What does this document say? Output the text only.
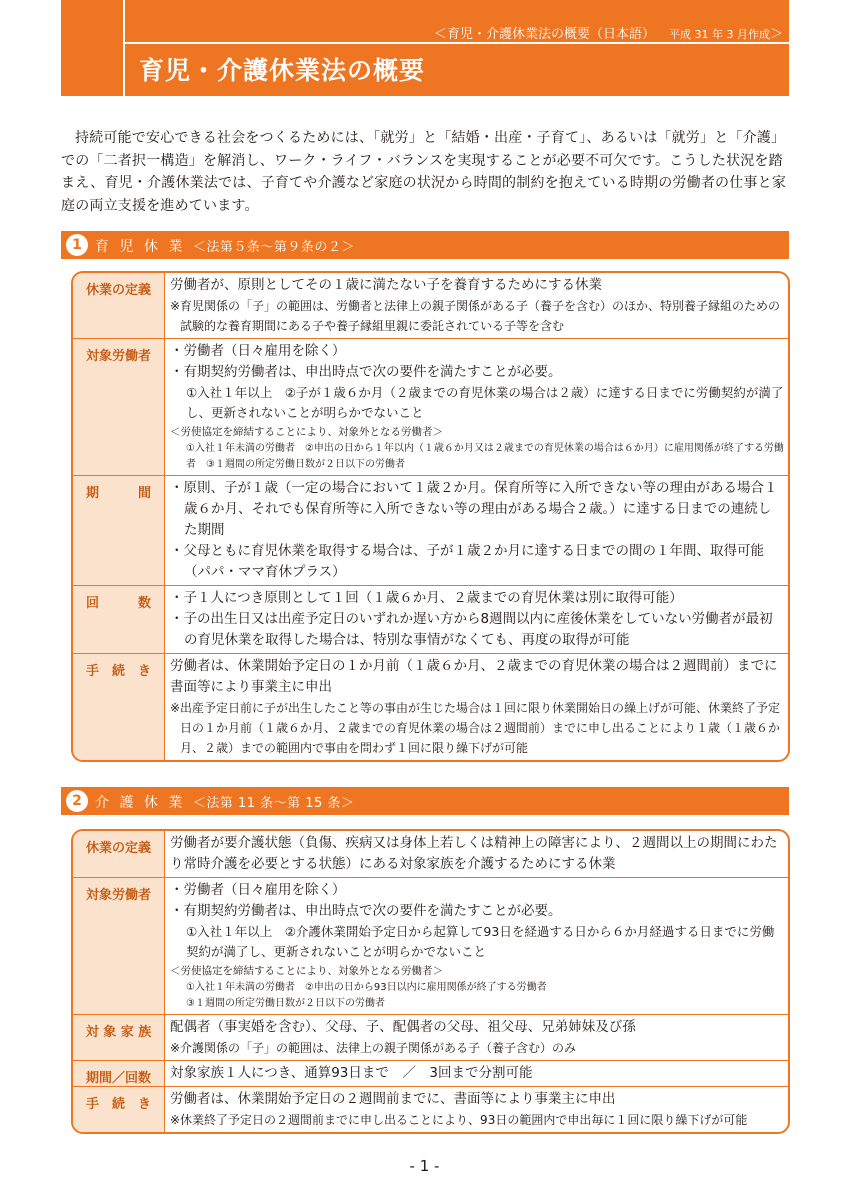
＜育児・介護休業法の概要（日本語） 平成 31 年 3 月作成＞
育児・介護休業法の概要
持続可能で安心できる社会をつくるためには、「就労」と「結婚・出産・子育て」、あるいは「就労」と「介護」での「二者択一構造」を解消し、ワーク・ライフ・バランスを実現することが必要不可欠です。こうした状況を踏まえ、育児・介護休業法では、子育てや介護など家庭の状況から時間的制約を抱えている時期の労働者の仕事と家庭の両立支援を進めています。
1 育 児 休 業 ＜法第５条〜第９条の２＞
休業の定義	労働者が、原則としてその１歳に満たない子を養育するためにする休業
※育児関係の「子」の範囲は、労働者と法律上の親子関係がある子（養子を含む）のほか、特別養子縁組のための試験的な養育期間にある子や養子縁組里親に委託されている子等を含む
対象労働者	・労働者（日々雇用を除く）
・有期契約労働者は、申出時点で次の要件を満たすことが必要。
①入社１年以上　②子が１歳６か月（２歳までの育児休業の場合は２歳）に達する日までに労働契約が満了し、更新されないことが明らかでないこと
＜労使協定を締結することにより、対象外となる労働者＞
①入社１年未満の労働者　②申出の日から１年以内（１歳６か月又は２歳までの育児休業の場合は６か月）に雇用関係が終了する労働者　③１週間の所定労働日数が２日以下の労働者
期　　　間	・原則、子が１歳（一定の場合において１歳２か月。保育所等に入所できない等の理由がある場合１歳６か月、それでも保育所等に入所できない等の理由がある場合２歳。）に達する日までの連続した期間
・父母ともに育児休業を取得する場合は、子が１歳２か月に達する日までの間の１年間、取得可能（パパ・ママ育休プラス）
回　　　数	・子１人につき原則として１回（１歳６か月、２歳までの育児休業は別に取得可能）
・子の出生日又は出産予定日のいずれか遅い方から8週間以内に産後休業をしていない労働者が最初の育児休業を取得した場合は、特別な事情がなくても、再度の取得が可能
手　続　き	労働者は、休業開始予定日の１か月前（１歳６か月、２歳までの育児休業の場合は２週間前）までに書面等により事業主に申出
※出産予定日前に子が出生したこと等の事由が生じた場合は１回に限り休業開始日の繰上げが可能、休業終了予定日の１か月前（１歳６か月、２歳までの育児休業の場合は２週間前）までに申し出ることにより１歳（１歳６か月、２歳）までの範囲内で事由を問わず１回に限り繰下げが可能
2 介 護 休 業 ＜法第 11 条〜第 15 条＞
休業の定義	労働者が要介護状態（負傷、疾病又は身体上若しくは精神上の障害により、２週間以上の期間にわたり常時介護を必要とする状態）にある対象家族を介護するためにする休業
対象労働者	・労働者（日々雇用を除く）
・有期契約労働者は、申出時点で次の要件を満たすことが必要。
①入社１年以上　②介護休業開始予定日から起算して93日を経過する日から６か月経過する日までに労働契約が満了し、更新されないことが明らかでないこと
＜労使協定を締結することにより、対象外となる労働者＞
①入社１年未満の労働者　②申出の日から93日以内に雇用関係が終了する労働者
③１週間の所定労働日数が２日以下の労働者
対 象 家 族	配偶者（事実婚を含む）、父母、子、配偶者の父母、祖父母、兄弟姉妹及び孫
※介護関係の「子」の範囲は、法律上の親子関係がある子（養子含む）のみ
期間／回数	対象家族１人につき、通算93日まで　／　3回まで分割可能
手　続　き	労働者は、休業開始予定日の２週間前までに、書面等により事業主に申出
※休業終了予定日の２週間前までに申し出ることにより、93日の範囲内で申出毎に１回に限り繰下げが可能
- 1 -
